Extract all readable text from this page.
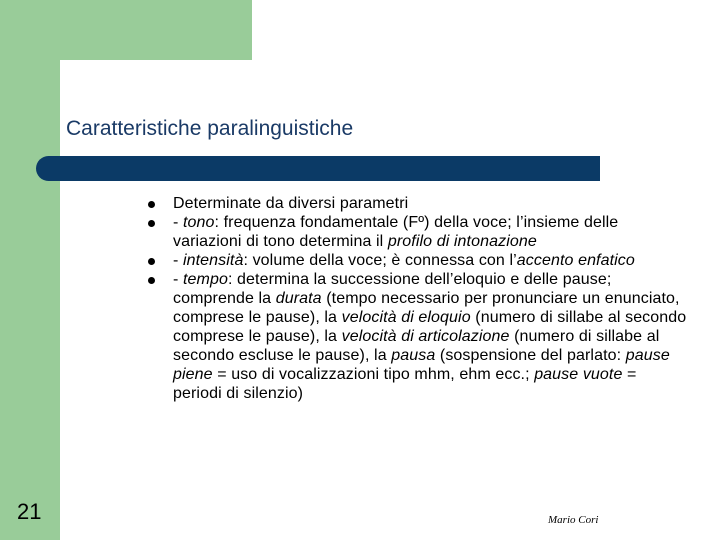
Caratteristiche paralinguistiche
Determinate da diversi parametri
- tono: frequenza fondamentale (Fº) della voce; l’insieme delle variazioni di tono determina il profilo di intonazione
- intensità: volume della voce; è connessa con l’accento enfatico
- tempo: determina la successione dell’eloquio e delle pause; comprende la durata (tempo necessario per pronunciare un enunciato, comprese le pause), la velocità di eloquio (numero di sillabe al secondo comprese le pause), la velocità di articolazione (numero di sillabe al secondo escluse le pause), la pausa (sospensione del parlato: pause piene = uso di vocalizzazioni tipo mhm, ehm ecc.; pause vuote = periodi di silenzio)
21	Mario Cori
